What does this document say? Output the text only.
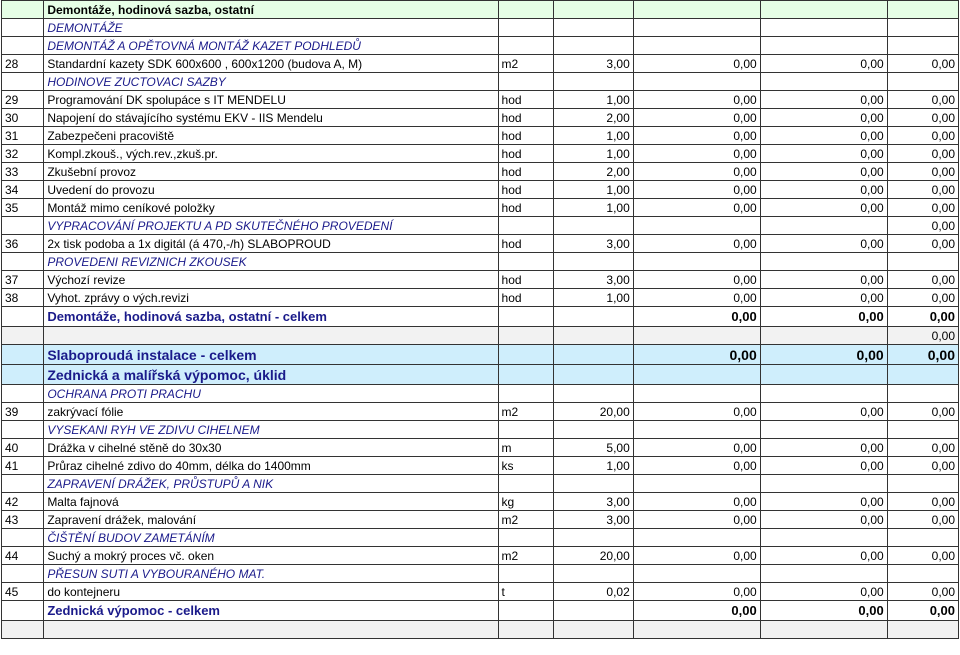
	Demontáže, hodinová sazba, ostatní					
	DEMONTÁŽE					
	DEMONTÁŽ A OPĚTOVNÁ MONTÁŽ KAZET PODHLEDŮ					
28	Standardní kazety SDK 600x600 , 600x1200 (budova A, M)	m2	3,00	0,00	0,00	0,00
	HODINOVE ZUCTOVACI SAZBY					
29	Programování DK spolupáce s IT MENDELU	hod	1,00	0,00	0,00	0,00
30	Napojení do stávajícího systému EKV - IIS Mendelu	hod	2,00	0,00	0,00	0,00
31	Zabezpečeni pracoviště	hod	1,00	0,00	0,00	0,00
32	Kompl.zkouš., vých.rev.,zkuš.pr.	hod	1,00	0,00	0,00	0,00
33	Zkušební provoz	hod	2,00	0,00	0,00	0,00
34	Uvedení do provozu	hod	1,00	0,00	0,00	0,00
35	Montáž mimo ceníkové položky	hod	1,00	0,00	0,00	0,00
	VYPRACOVÁNÍ PROJEKTU A PD SKUTEČNÉHO PROVEDENÍ					0,00
36	2x tisk podoba a 1x digitál (á 470,-/h) SLABOPROUD	hod	3,00	0,00	0,00	0,00
	PROVEDENI REVIZNICH ZKOUSEK					
37	Výchozí revize	hod	3,00	0,00	0,00	0,00
38	Vyhot. zprávy o vých.revizi	hod	1,00	0,00	0,00	0,00
	Demontáže, hodinová sazba, ostatní - celkem			0,00	0,00	0,00
						0,00
	Slaboproudá instalace - celkem			0,00	0,00	0,00
	Zednická a malířská výpomoc, úklid					
	OCHRANA PROTI PRACHU					
39	zakrývací fólie	m2	20,00	0,00	0,00	0,00
	VYSEKANI RYH VE ZDIVU CIHELNEM					
40	Drážka v cihelné stěně do 30x30	m	5,00	0,00	0,00	0,00
41	Průraz cihelné zdivo do 40mm, délka do 1400mm	ks	1,00	0,00	0,00	0,00
	ZAPRAVENÍ DRÁŽEK, PRŮSTUPŮ A NIK					
42	Malta fajnová	kg	3,00	0,00	0,00	0,00
43	Zapravení drážek, malování	m2	3,00	0,00	0,00	0,00
	ČIŠTĚNÍ BUDOV ZAMETÁNÍM					
44	Suchý a mokrý proces vč. oken	m2	20,00	0,00	0,00	0,00
	PŘESUN SUTI A VYBOURANÉHO MAT.					
45	do kontejneru	t	0,02	0,00	0,00	0,00
	Zednická výpomoc - celkem			0,00	0,00	0,00
